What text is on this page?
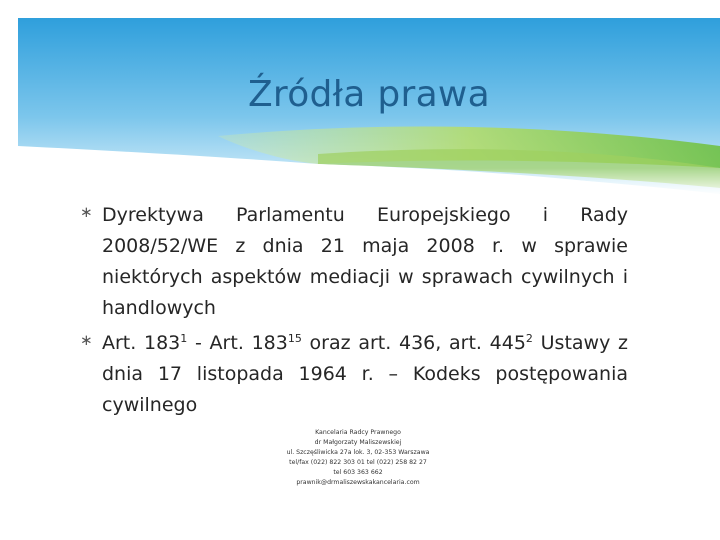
Źródła prawa
∗ Dyrektywa Parlamentu Europejskiego i Rady 2008/52/WE z dnia 21 maja 2008 r. w sprawie niektórych aspektów mediacji w sprawach cywilnych i handlowych
∗ Art. $183^1$ - Art. $183^{15}$ oraz art. 436, art. $445^2$ Ustawy z dnia 17 listopada 1964 r. – Kodeks postępowania cywilnego
Kancelaria Radcy Prawnego
dr Małgorzaty Maliszewskiej
ul. Szczęśliwicka 27a lok. 3, 02-353 Warszawa
tel/fax (022) 822 303 01 tel (022) 258 82 27
tel 603 363 662
prawnik@drmaliszewskakancelaria.com
